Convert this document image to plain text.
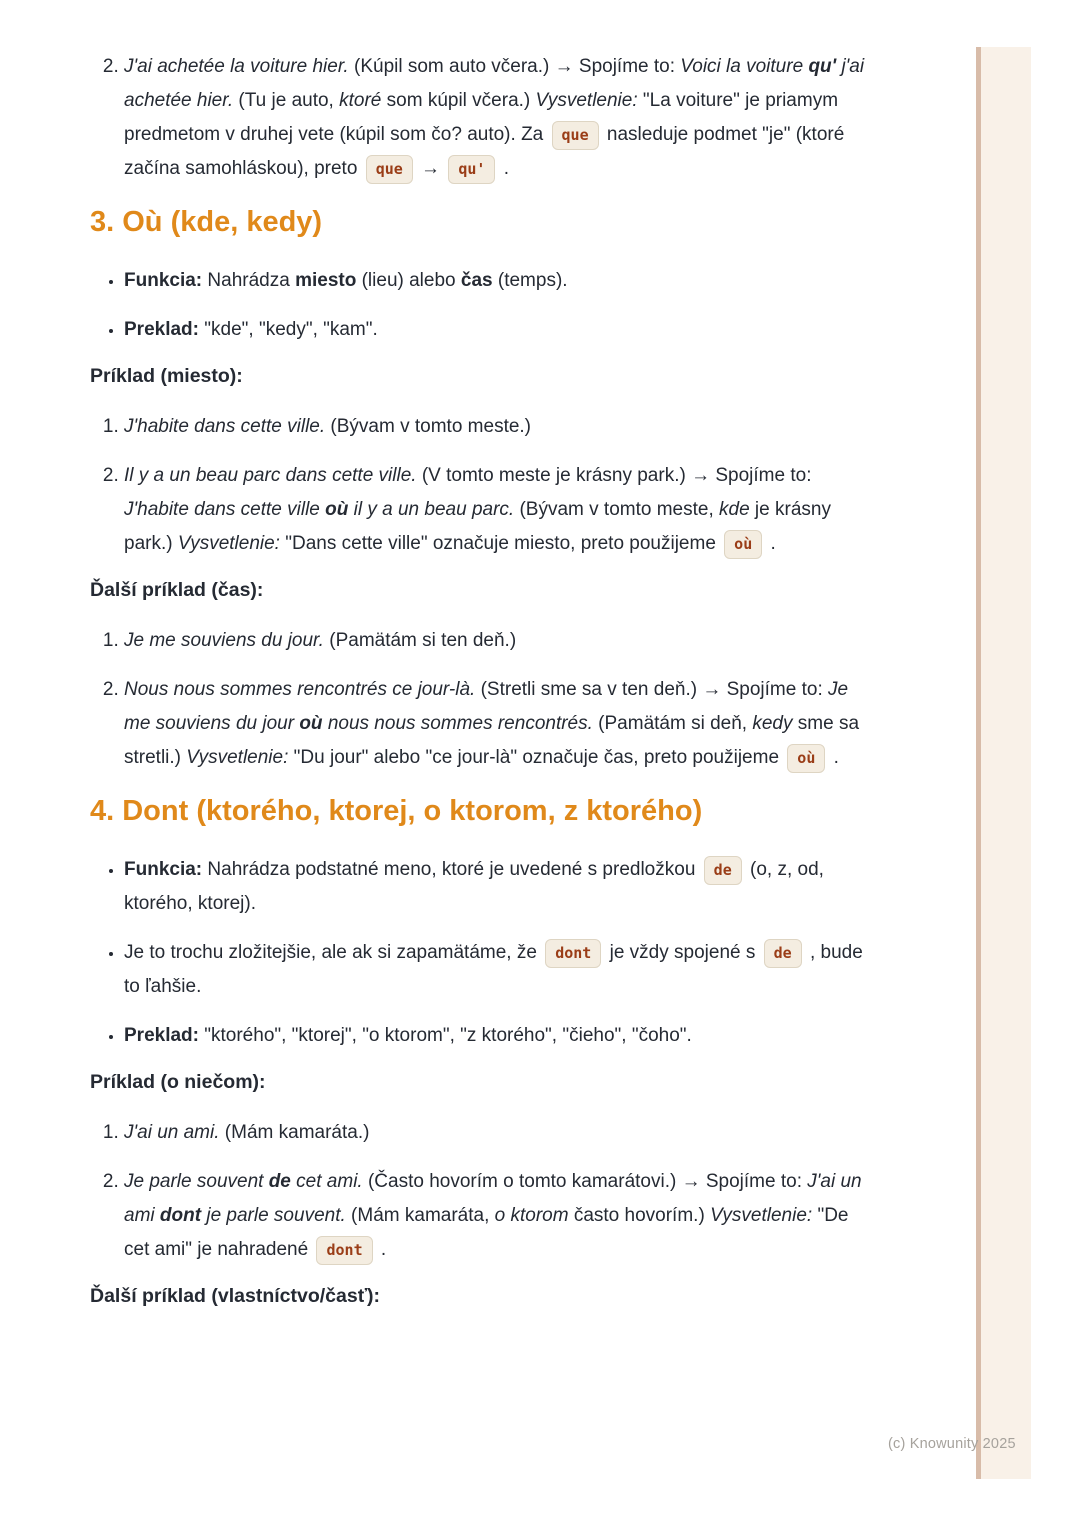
2. J'ai achetée la voiture hier. (Kúpil som auto včera.) → Spojíme to: Voici la voiture qu' j'ai achetée hier. (Tu je auto, ktoré som kúpil včera.) Vysvetlenie: "La voiture" je priamym predmetom v druhej vete (kúpil som čo? auto). Za que nasleduje podmet "je" (ktoré začína samohláskou), preto que → qu' .
3. Où (kde, kedy)
• Funkcia: Nahrádza miesto (lieu) alebo čas (temps).
• Preklad: "kde", "kedy", "kam".
Príklad (miesto):
1. J'habite dans cette ville. (Bývam v tomto meste.)
2. Il y a un beau parc dans cette ville. (V tomto meste je krásny park.) → Spojíme to: J'habite dans cette ville où il y a un beau parc. (Bývam v tomto meste, kde je krásny park.) Vysvetlenie: "Dans cette ville" označuje miesto, preto použijeme où .
Ďalší príklad (čas):
1. Je me souviens du jour. (Pamätám si ten deň.)
2. Nous nous sommes rencontrés ce jour-là. (Stretli sme sa v ten deň.) → Spojíme to: Je me souviens du jour où nous nous sommes rencontrés. (Pamätám si deň, kedy sme sa stretli.) Vysvetlenie: "Du jour" alebo "ce jour-là" označuje čas, preto použijeme où .
4. Dont (ktorého, ktorej, o ktorom, z ktorého)
• Funkcia: Nahrádza podstatné meno, ktoré je uvedené s predložkou de (o, z, od, ktorého, ktorej).
• Je to trochu zložitejšie, ale ak si zapamätáme, že dont je vždy spojené s de , bude to ľahšie.
• Preklad: "ktorého", "ktorej", "o ktorom", "z ktorého", "čieho", "čoho".
Príklad (o niečom):
1. J'ai un ami. (Mám kamaráta.)
2. Je parle souvent de cet ami. (Často hovorím o tomto kamarátovi.) → Spojíme to: J'ai un ami dont je parle souvent. (Mám kamaráta, o ktorom často hovorím.) Vysvetlenie: "De cet ami" je nahradené dont .
Ďalší príklad (vlastníctvo/časť):
(c) Knowunity 2025
